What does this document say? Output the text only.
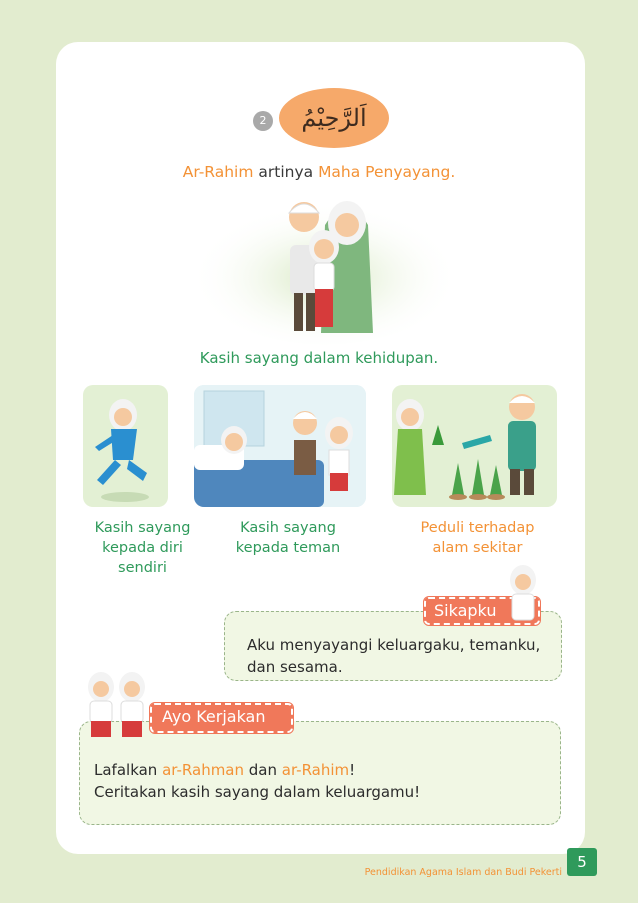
2 اَلرَّحِيْمُ
Ar-Rahim artinya Maha Penyayang.
Kasih sayang dalam kehidupan.
Kasih sayang
kepada diri
sendiri
Kasih sayang
kepada teman
Peduli terhadap
alam sekitar
Sikapku
Aku menyayangi keluargaku, temanku,
dan sesama.
Ayo Kerjakan
Lafalkan ar-Rahman dan ar-Rahim!
Ceritakan kasih sayang dalam keluargamu!
Pendidikan Agama Islam dan Budi Pekerti
5
